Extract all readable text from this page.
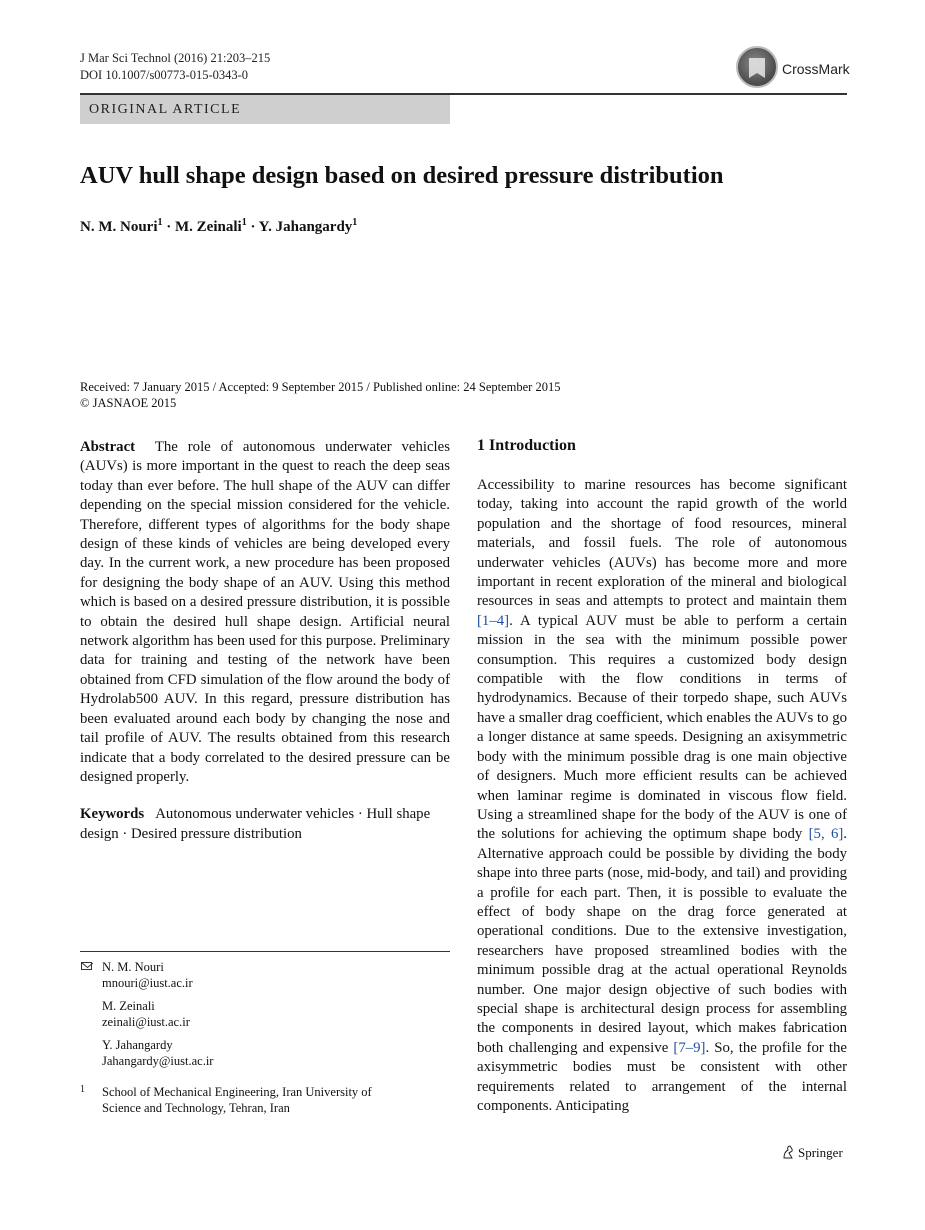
J Mar Sci Technol (2016) 21:203–215
DOI 10.1007/s00773-015-0343-0	CrossMark
ORIGINAL ARTICLE
AUV hull shape design based on desired pressure distribution
N. M. Nouri$^1$ · M. Zeinali$^1$ · Y. Jahangardy$^1$
Received: 7 January 2015 / Accepted: 9 September 2015 / Published online: 24 September 2015
© JASNAOE 2015
Abstract The role of autonomous underwater vehicles (AUVs) is more important in the quest to reach the deep seas today than ever before. The hull shape of the AUV can differ depending on the special mission considered for the vehicle. Therefore, different types of algorithms for the body shape design of these kinds of vehicles are being developed every day. In the current work, a new procedure has been proposed for designing the body shape of an AUV. Using this method which is based on a desired pressure distribution, it is possible to obtain the desired hull shape design. Artificial neural network algorithm has been used for this purpose. Preliminary data for training and testing of the network have been obtained from CFD simulation of the flow around the body of Hydrolab500 AUV. In this regard, pressure distribution has been evaluated around each body by changing the nose and tail profile of AUV. The results obtained from this research indicate that a body correlated to the desired pressure can be designed properly.
Keywords Autonomous underwater vehicles · Hull shape design · Desired pressure distribution
N. M. Nouri
mnouri@iust.ac.ir
M. Zeinali
zeinali@iust.ac.ir
Y. Jahangardy
Jahangardy@iust.ac.ir
1 School of Mechanical Engineering, Iran University of
Science and Technology, Tehran, Iran
1 Introduction
Accessibility to marine resources has become significant today, taking into account the rapid growth of the world population and the shortage of food resources, mineral materials, and fossil fuels. The role of autonomous underwater vehicles (AUVs) has become more and more important in recent exploration of the mineral and biological resources in seas and attempts to protect and maintain them [1–4]. A typical AUV must be able to perform a certain mission in the sea with the minimum possible power consumption. This requires a customized body design compatible with the flow conditions in terms of hydrodynamics. Because of their torpedo shape, such AUVs have a smaller drag coefficient, which enables the AUVs to go a longer distance at same speeds. Designing an axisymmetric body with the minimum possible drag is one main objective of designers. Much more efficient results can be achieved when laminar regime is dominated in viscous flow field. Using a streamlined shape for the body of the AUV is one of the solutions for achieving the optimum shape body [5, 6]. Alternative approach could be possible by dividing the body shape into three parts (nose, mid-body, and tail) and providing a profile for each part. Then, it is possible to evaluate the effect of body shape on the drag force generated at operational conditions. Due to the extensive investigation, researchers have proposed streamlined bodies with the minimum possible drag at the actual operational Reynolds number. One major design objective of such bodies with special shape is architectural design process for assembling the components in desired layout, which makes fabrication both challenging and expensive [7–9]. So, the profile for the axisymmetric bodies must be consistent with other requirements related to arrangement of the internal components. Anticipating
Springer
